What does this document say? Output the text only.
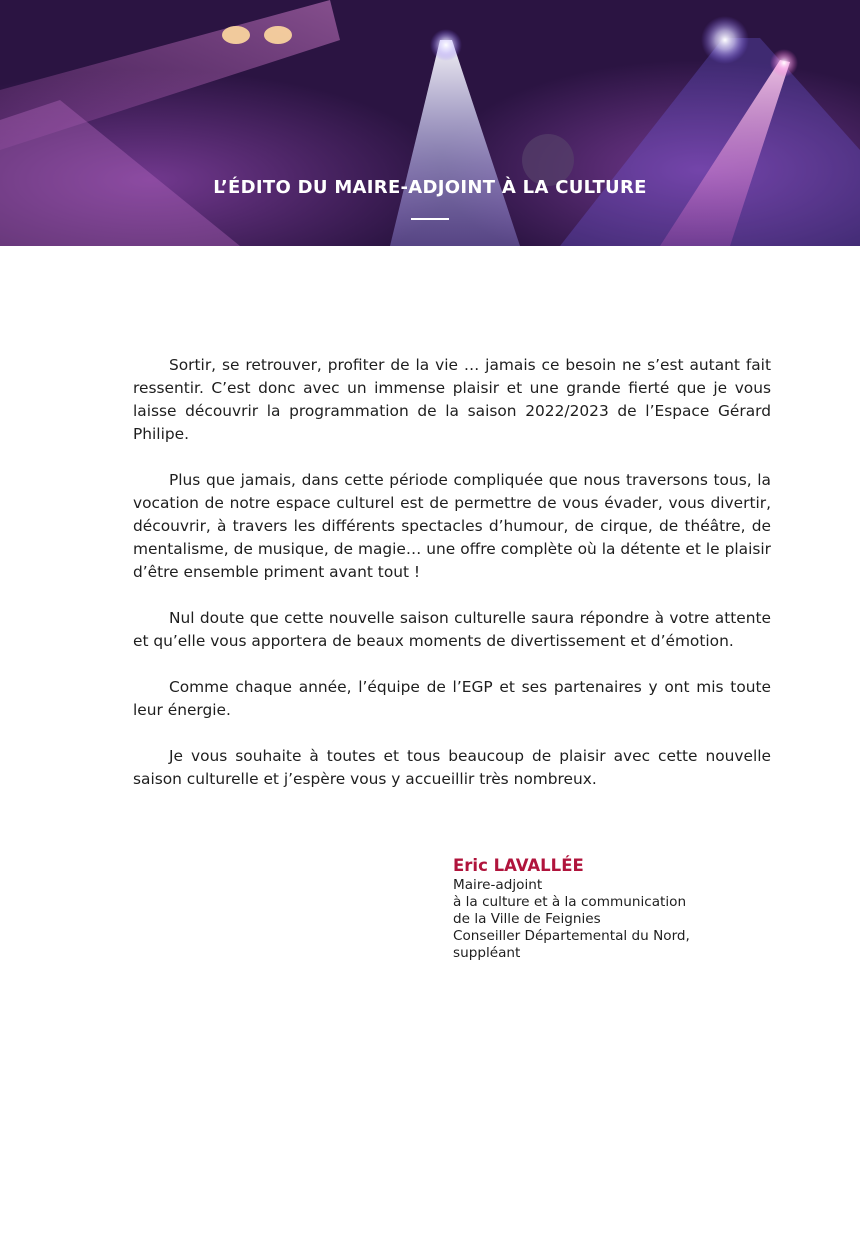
L’ÉDITO DU MAIRE-ADJOINT À LA CULTURE

Sortir, se retrouver, profiter de la vie … jamais ce besoin ne s’est autant fait ressentir. C’est donc avec un immense plaisir et une grande fierté que je vous laisse découvrir la programmation de la saison 2022/2023 de l’Espace Gérard Philipe.

Plus que jamais, dans cette période compliquée que nous traversons tous, la vocation de notre espace culturel est de permettre de vous évader, vous divertir, découvrir, à travers les différents spectacles d’humour, de cirque, de théâtre, de mentalisme, de musique, de magie… une offre complète où la détente et le plaisir d’être ensemble priment avant tout !

Nul doute que cette nouvelle saison culturelle saura répondre à votre attente et qu’elle vous apportera de beaux moments de divertissement et d’émotion.

Comme chaque année, l’équipe de l’EGP et ses partenaires y ont mis toute leur énergie.

Je vous souhaite à toutes et tous beaucoup de plaisir avec cette nouvelle saison culturelle et j’espère vous y accueillir très nombreux.

Eric LAVALLÉE
Maire-adjoint
à la culture et à la communication
de la Ville de Feignies
Conseiller Départemental du Nord,
suppléant
